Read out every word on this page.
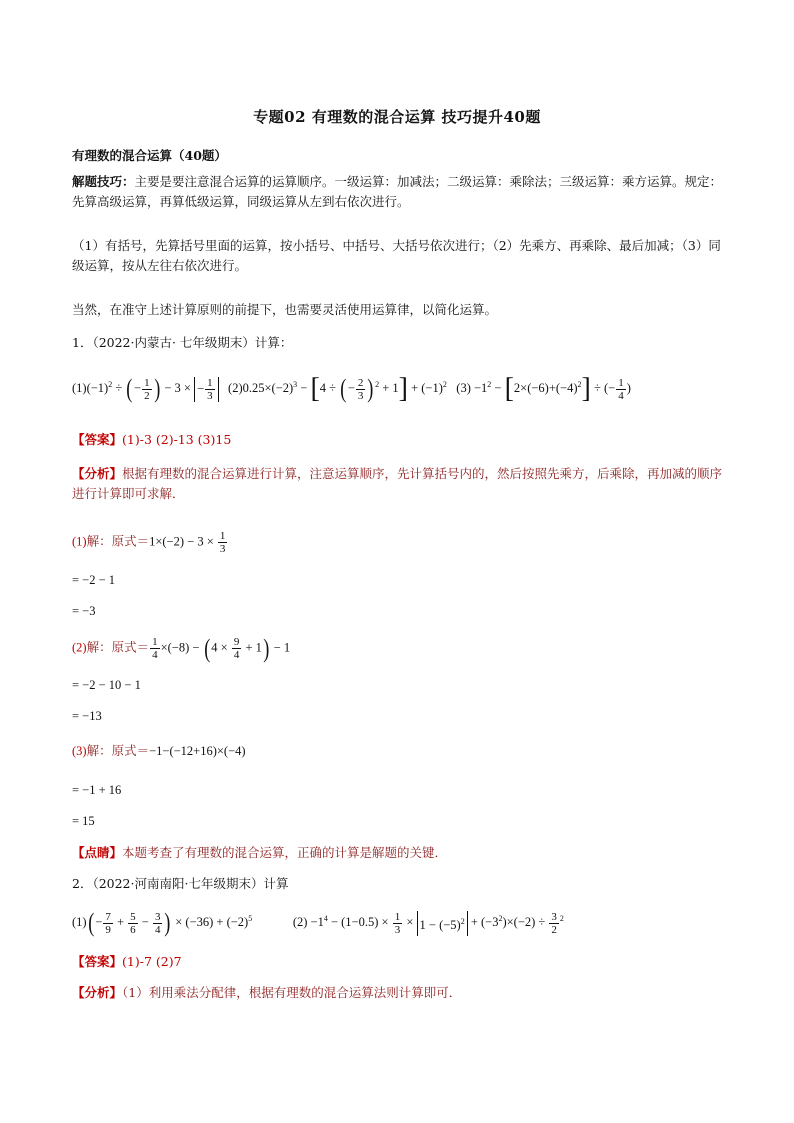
专题02 有理数的混合运算 技巧提升40题
有理数的混合运算（40题）
解题技巧：主要是要注意混合运算的运算顺序。一级运算：加减法；二级运算：乘除法；三级运算：乘方运算。规定：先算高级运算，再算低级运算，同级运算从左到右依次进行。
（1）有括号，先算括号里面的运算，按小括号、中括号、大括号依次进行；（2）先乘方、再乘除、最后加减；（3）同级运算，按从左往右依次进行。
当然，在准守上述计算原则的前提下，也需要灵活使用运算律，以简化运算。
1．（2022·内蒙古· 七年级期末）计算：
$(1)(-1)^2$ ÷ (− $\frac{1}{2}$ ) − 3 × − $\frac{1}{3} (2)0.25\times(-2)^3 - [4$ ÷ (− $\frac{2}{3} )^2 + 1] + (-1)^2$   $(3) -1^2 - [2\times(-6)+(-4)^2]$ ÷ (− $\frac{1}{4}$ )
【答案】(1)-3 (2)-13 (3)15
【分析】根据有理数的混合运算进行计算，注意运算顺序，先计算括号内的，然后按照先乘方，后乘除，再加减的顺序进行计算即可求解．
(1)解：原式$=1\times(-2) - 3 \times \frac{1}{3}$
= −2 − 1
= −3
(2)解：原式＝ $\frac{1}{4} \times(-8) - (4 \times \frac{9}{4} + 1) - 1$
= −2 − 10 − 1
= −13
(3)解：原式＝−1−(−12+16)×(−4)
= −1 + 16
= 15
【点睛】本题考查了有理数的混合运算，正确的计算是解题的关键．
2．（2022·河南南阳·七年级期末）计算
$(1)(- \frac{7}{9} + \frac{5}{6} - \frac{3}{4}$ ) × $(-36) + (-2)^5$             $(2) -1^4 - (1-0.5) \times \frac{1}{3} \times 1 - (-5)^2 + (-3^2)\times(-2) \div \frac{3}{2} ^2$
【答案】(1)-7 (2)7
【分析】（1）利用乘法分配律，根据有理数的混合运算法则计算即可．
